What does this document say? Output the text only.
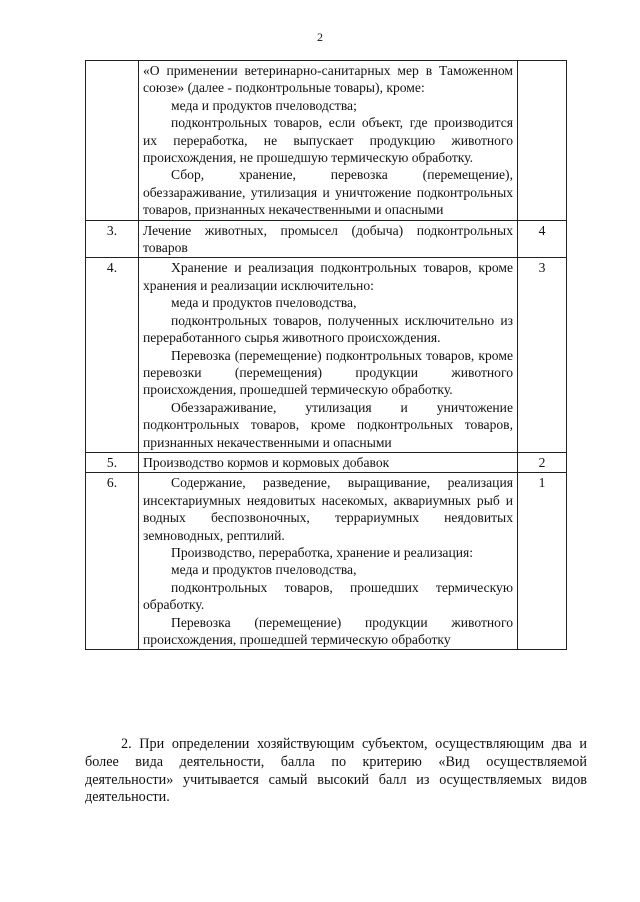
2

	«О применении ветеринарно-санитарных мер в Таможенном союзе» (далее - подконтрольные товары), кроме:

меда и продуктов пчеловодства;

подконтрольных товаров, если объект, где производится их переработка, не выпускает продукцию животного происхождения, не прошедшую термическую обработку.

Сбор, хранение, перевозка (перемещение), обеззараживание, утилизация и уничтожение подконтрольных товаров, признанных некачественными и опасными	

3.	Лечение животных, промысел (добыча) подконтрольных товаров	4
4.	Хранение и реализация подконтрольных товаров, кроме хранения и реализации исключительно:

меда и продуктов пчеловодства,

подконтрольных товаров, полученных исключительно из переработанного сырья животного происхождения.

Перевозка (перемещение) подконтрольных товаров, кроме перевозки (перемещения) продукции животного происхождения, прошедшей термическую обработку.

Обеззараживание, утилизация и уничтожение подконтрольных товаров, кроме подконтрольных товаров, признанных некачественными и опасными	3
5.	Производство кормов и кормовых добавок	2
6.	Содержание, разведение, выращивание, реализация инсектариумных неядовитых насекомых, аквариумных рыб и водных беспозвоночных, террариумных неядовитых земноводных, рептилий.

Производство, переработка, хранение и реализация:

меда и продуктов пчеловодства,

подконтрольных товаров, прошедших термическую обработку.

Перевозка (перемещение) продукции животного происхождения, прошедшей термическую обработку	1

2. При определении хозяйствующим субъектом, осуществляющим два и более вида деятельности, балла по критерию «Вид осуществляемой деятельности» учитывается самый высокий балл из осуществляемых видов деятельности.
